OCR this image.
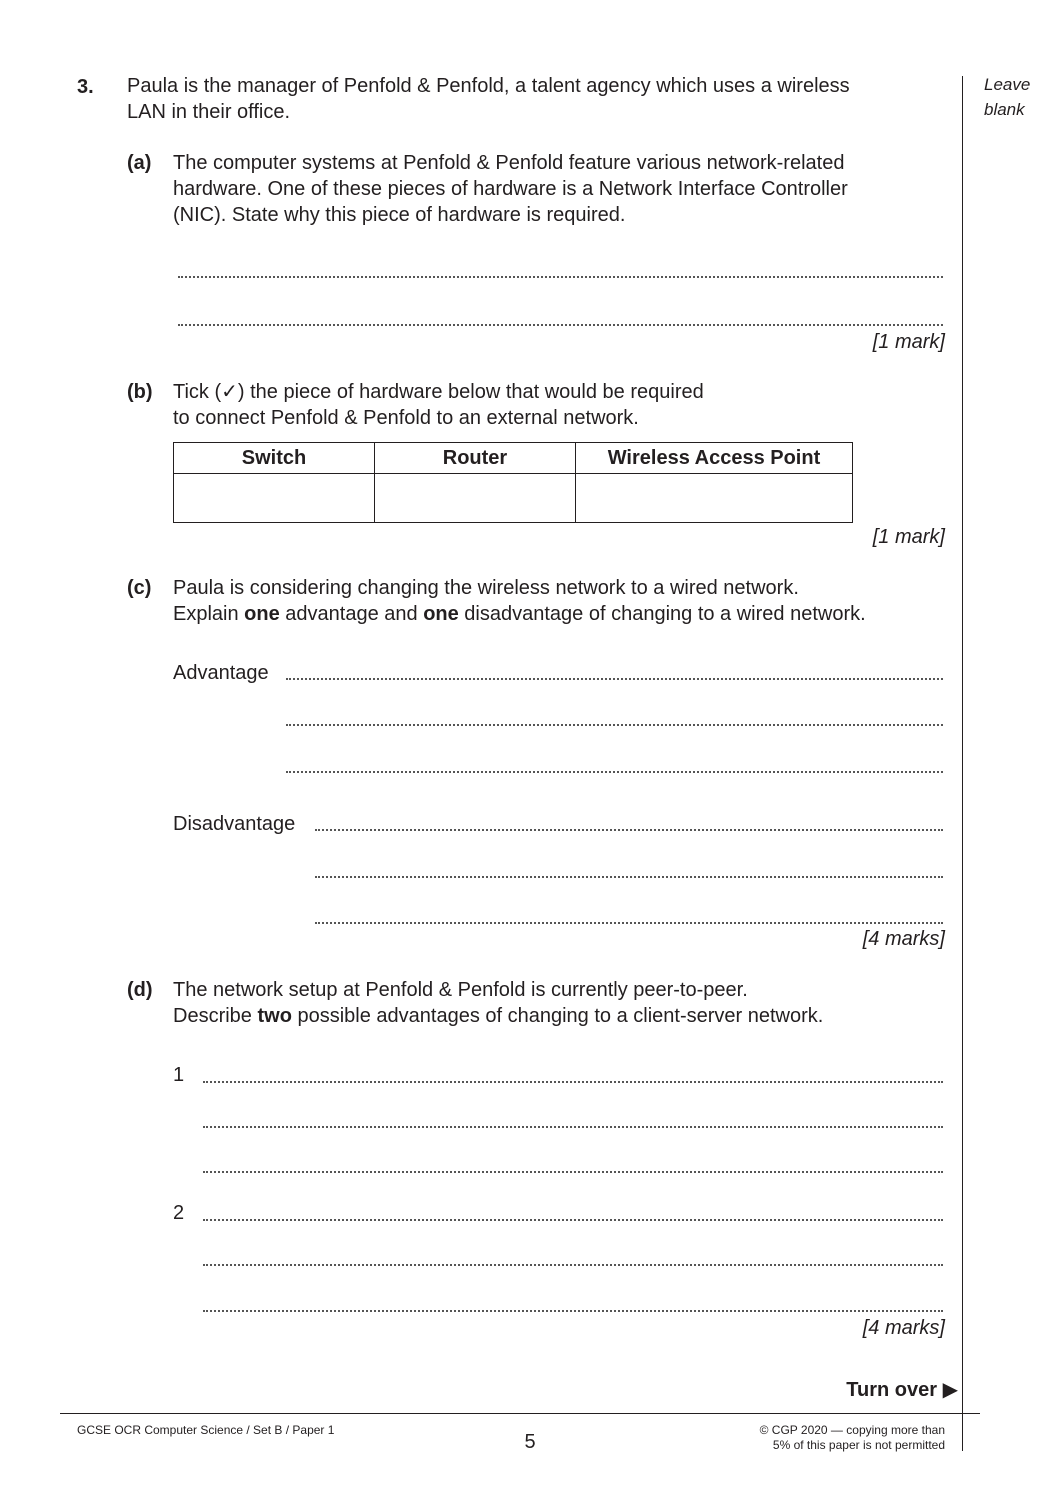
Leave
blank
3. Paula is the manager of Penfold & Penfold, a talent agency which uses a wireless
LAN in their office.
(a) The computer systems at Penfold & Penfold feature various network-related
hardware. One of these pieces of hardware is a Network Interface Controller
(NIC). State why this piece of hardware is required.
[1 mark]
(b) Tick (✓) the piece of hardware below that would be required
to connect Penfold & Penfold to an external network.
Switch	Router	Wireless Access Point

[1 mark]
(c) Paula is considering changing the wireless network to a wired network.
Explain one advantage and one disadvantage of changing to a wired network.
Advantage
Disadvantage
[4 marks]
(d) The network setup at Penfold & Penfold is currently peer-to-peer.
Describe two possible advantages of changing to a client-server network.
1
2
[4 marks]
Turn over ▶
GCSE OCR Computer Science / Set B / Paper 1
5
© CGP 2020 — copying more than
5% of this paper is not permitted
